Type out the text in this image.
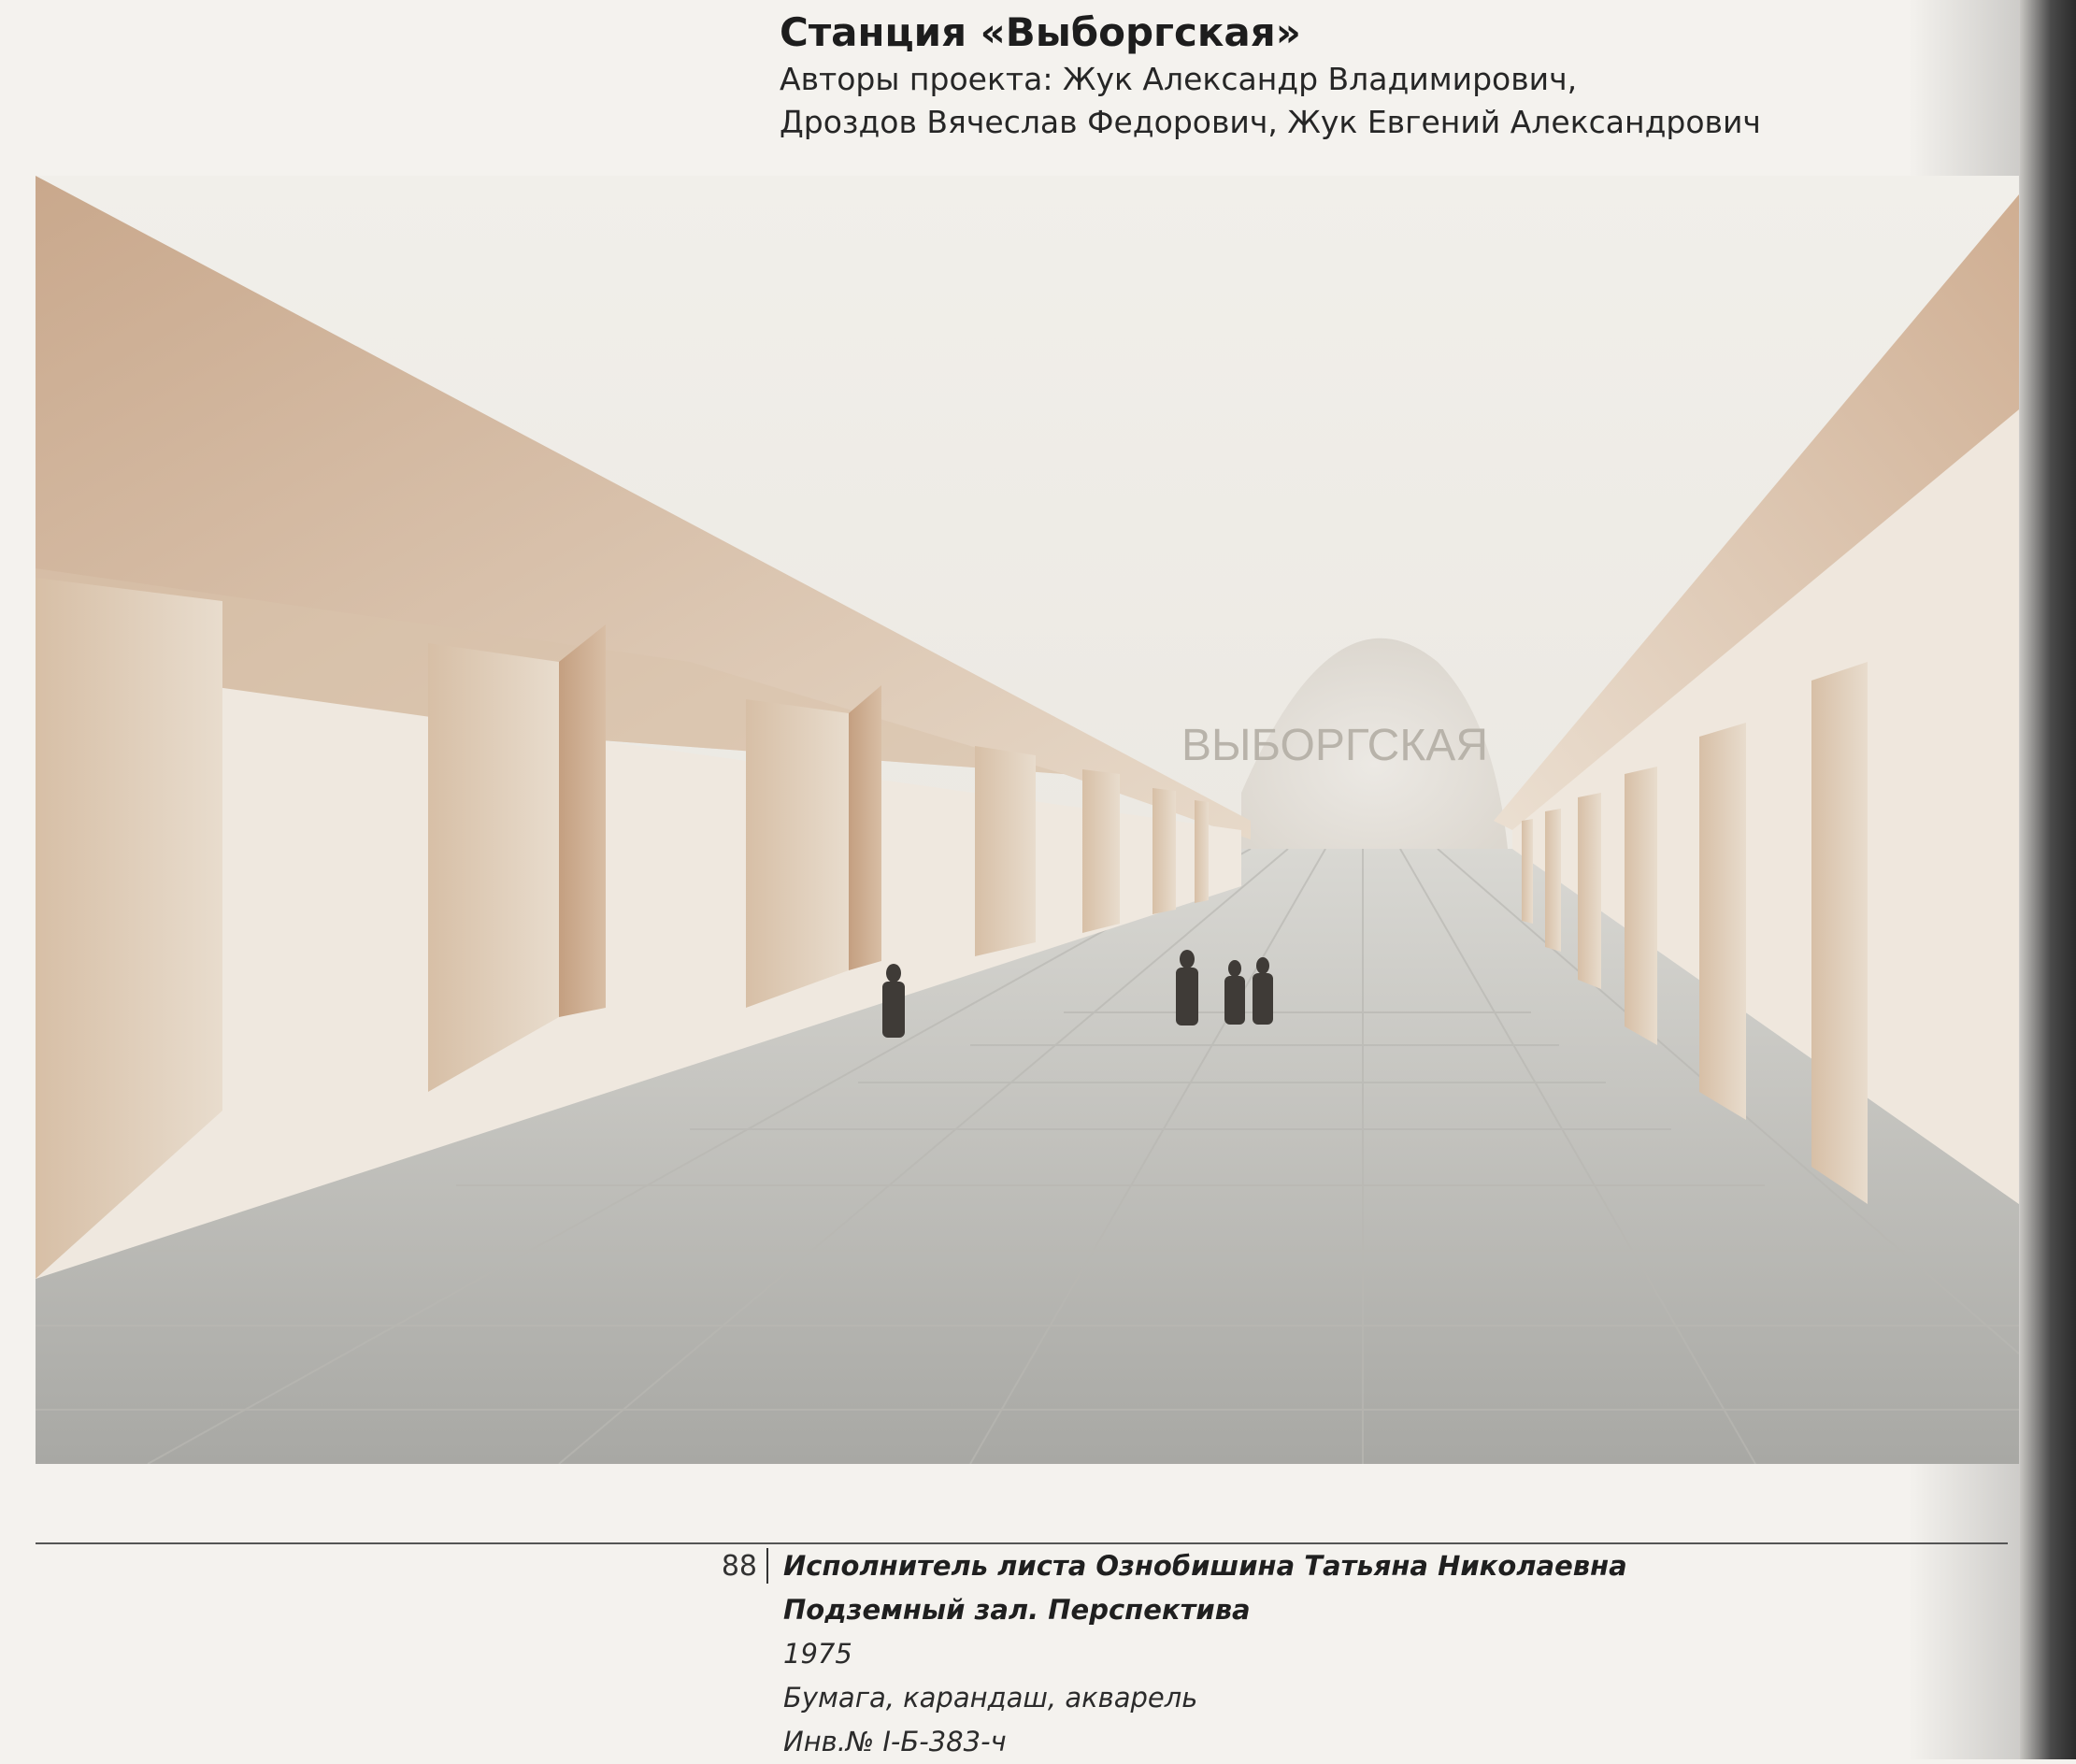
Станция «Выборгская»
Авторы проекта: Жук Александр Владимирович,
Дроздов Вячеслав Федорович, Жук Евгений Александрович
ВЫБОРГСКАЯ
88 Исполнитель листа Ознобишина Татьяна Николаевна
Подземный зал. Перспектива
1975
Бумага, карандаш, акварель
Инв.№ I-Б-383-ч
